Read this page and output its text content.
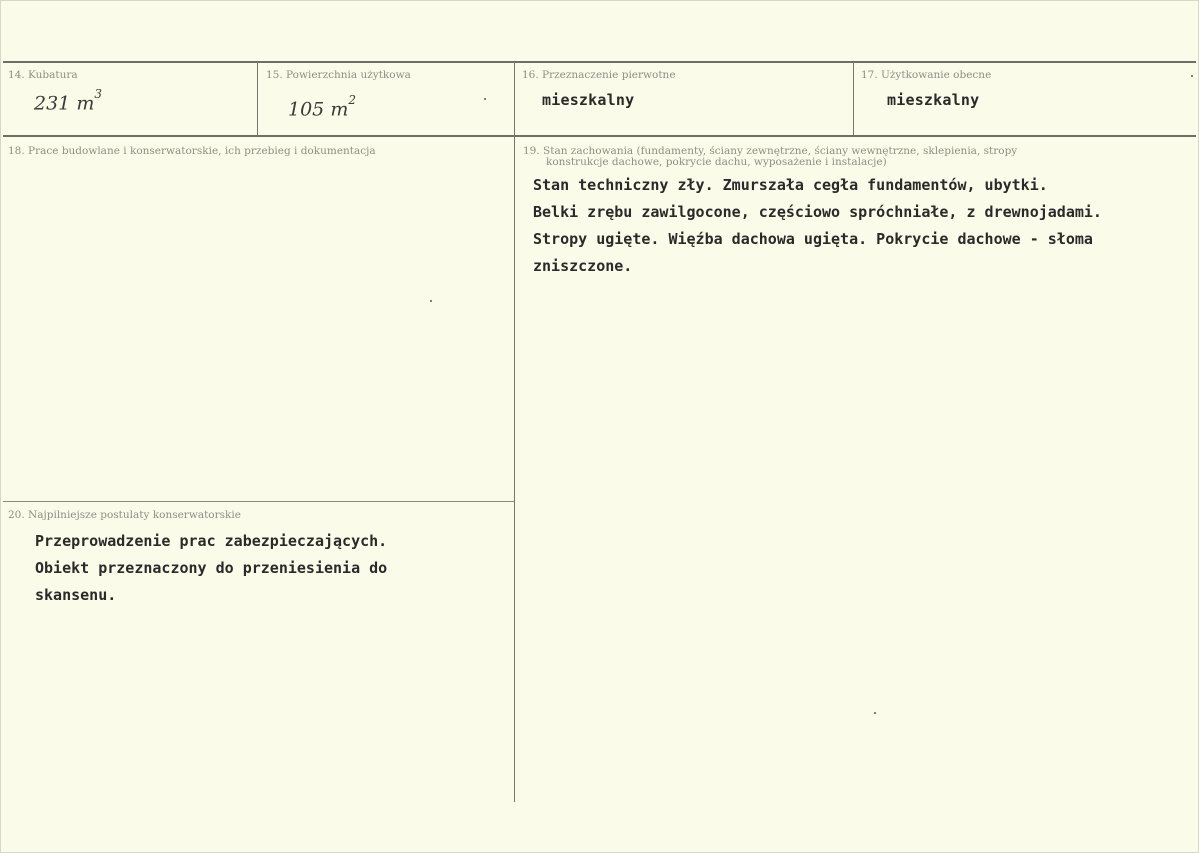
14. Kubatura
231 $m^3$
15. Powierzchnia użytkowa
105 $m^2$
16. Przeznaczenie pierwotne
mieszkalny
17. Użytkowanie obecne
mieszkalny
18. Prace budowlane i konserwatorskie, ich przebieg i dokumentacja	19. Stan zachowania (fundamenty, ściany zewnętrzne, ściany wewnętrzne, sklepienia, stropy
konstrukcje dachowe, pokrycie dachu, wyposażenie i instalacje)
Stan techniczny zły. Zmurszała cegła fundamentów, ubytki.
Belki zrębu zawilgocone, częściowo spróchniałe, z drewnojadami.
Stropy ugięte. Więźba dachowa ugięta. Pokrycie dachowe - słoma
zniszczone.
20. Najpilniejsze postulaty konserwatorskie
Przeprowadzenie prac zabezpieczających.
Obiekt przeznaczony do przeniesienia do
skansenu.
